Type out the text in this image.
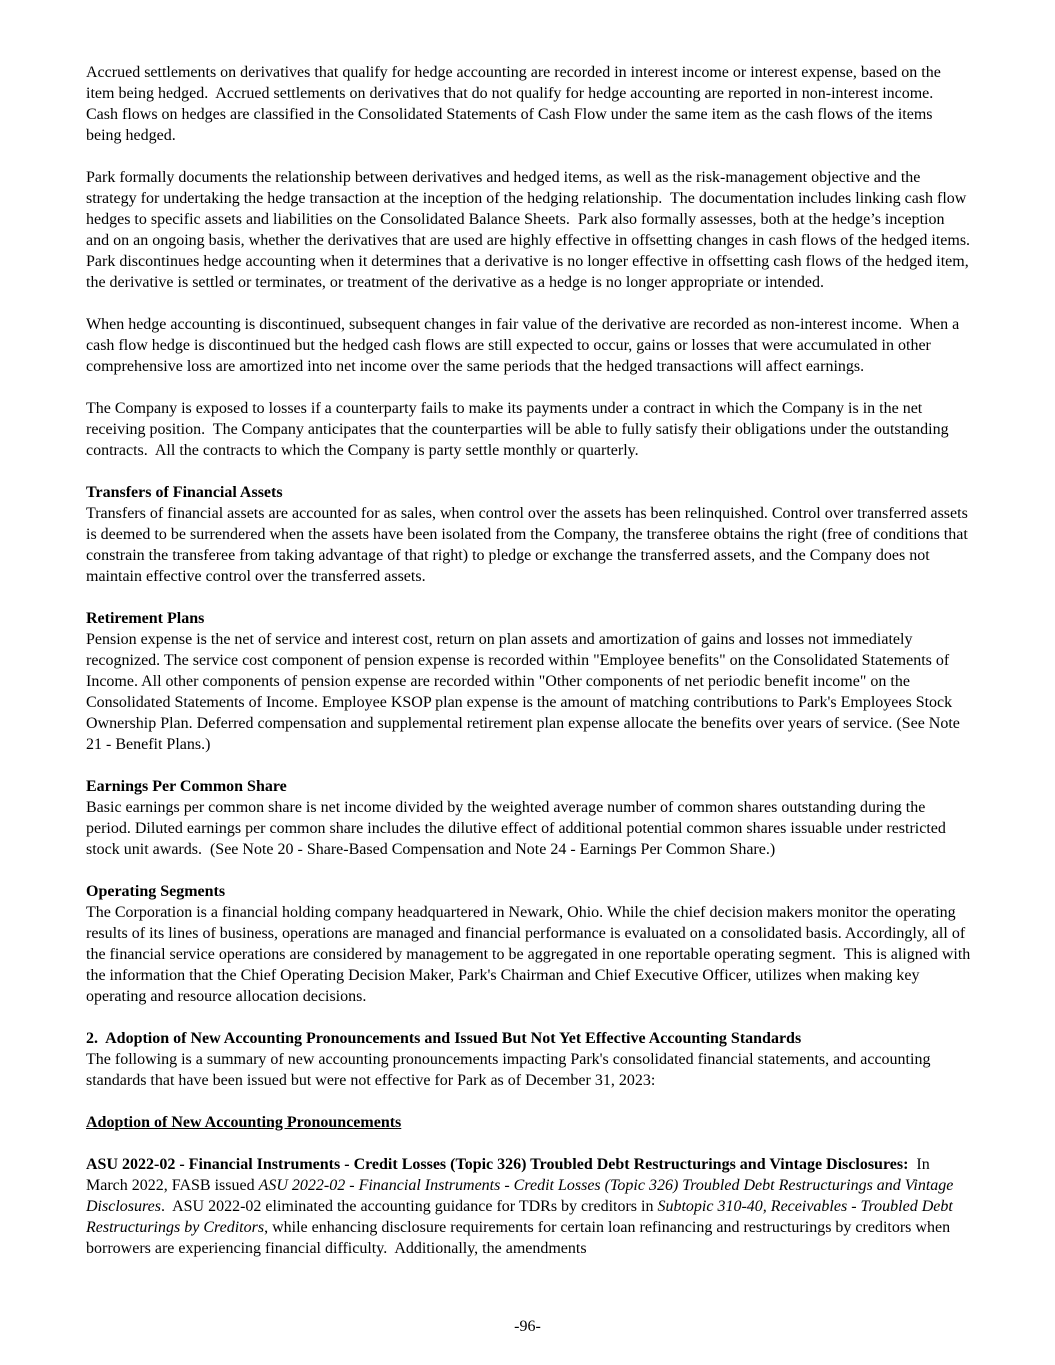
Accrued settlements on derivatives that qualify for hedge accounting are recorded in interest income or interest expense, based on the item being hedged.  Accrued settlements on derivatives that do not qualify for hedge accounting are reported in non-interest income.  Cash flows on hedges are classified in the Consolidated Statements of Cash Flow under the same item as the cash flows of the items being hedged.

Park formally documents the relationship between derivatives and hedged items, as well as the risk-management objective and the strategy for undertaking the hedge transaction at the inception of the hedging relationship.  The documentation includes linking cash flow hedges to specific assets and liabilities on the Consolidated Balance Sheets.  Park also formally assesses, both at the hedge’s inception and on an ongoing basis, whether the derivatives that are used are highly effective in offsetting changes in cash flows of the hedged items.  Park discontinues hedge accounting when it determines that a derivative is no longer effective in offsetting cash flows of the hedged item, the derivative is settled or terminates, or treatment of the derivative as a hedge is no longer appropriate or intended.

When hedge accounting is discontinued, subsequent changes in fair value of the derivative are recorded as non-interest income.  When a cash flow hedge is discontinued but the hedged cash flows are still expected to occur, gains or losses that were accumulated in other comprehensive loss are amortized into net income over the same periods that the hedged transactions will affect earnings.

The Company is exposed to losses if a counterparty fails to make its payments under a contract in which the Company is in the net receiving position.  The Company anticipates that the counterparties will be able to fully satisfy their obligations under the outstanding contracts.  All the contracts to which the Company is party settle monthly or quarterly.

Transfers of Financial Assets

Transfers of financial assets are accounted for as sales, when control over the assets has been relinquished. Control over transferred assets is deemed to be surrendered when the assets have been isolated from the Company, the transferee obtains the right (free of conditions that constrain the transferee from taking advantage of that right) to pledge or exchange the transferred assets, and the Company does not maintain effective control over the transferred assets.

Retirement Plans

Pension expense is the net of service and interest cost, return on plan assets and amortization of gains and losses not immediately recognized. The service cost component of pension expense is recorded within "Employee benefits" on the Consolidated Statements of Income. All other components of pension expense are recorded within "Other components of net periodic benefit income" on the Consolidated Statements of Income. Employee KSOP plan expense is the amount of matching contributions to Park's Employees Stock Ownership Plan. Deferred compensation and supplemental retirement plan expense allocate the benefits over years of service. (See Note 21 - Benefit Plans.)

Earnings Per Common Share

Basic earnings per common share is net income divided by the weighted average number of common shares outstanding during the period. Diluted earnings per common share includes the dilutive effect of additional potential common shares issuable under restricted stock unit awards.  (See Note 20 - Share-Based Compensation and Note 24 - Earnings Per Common Share.)

Operating Segments

The Corporation is a financial holding company headquartered in Newark, Ohio. While the chief decision makers monitor the operating results of its lines of business, operations are managed and financial performance is evaluated on a consolidated basis. Accordingly, all of the financial service operations are considered by management to be aggregated in one reportable operating segment.  This is aligned with the information that the Chief Operating Decision Maker, Park's Chairman and Chief Executive Officer, utilizes when making key operating and resource allocation decisions.

2.  Adoption of New Accounting Pronouncements and Issued But Not Yet Effective Accounting Standards

The following is a summary of new accounting pronouncements impacting Park's consolidated financial statements, and accounting standards that have been issued but were not effective for Park as of December 31, 2023:

Adoption of New Accounting Pronouncements

ASU 2022-02 - Financial Instruments - Credit Losses (Topic 326) Troubled Debt Restructurings and Vintage Disclosures:  In March 2022, FASB issued ASU 2022-02 - Financial Instruments - Credit Losses (Topic 326) Troubled Debt Restructurings and Vintage Disclosures.  ASU 2022-02 eliminated the accounting guidance for TDRs by creditors in Subtopic 310-40, Receivables - Troubled Debt Restructurings by Creditors, while enhancing disclosure requirements for certain loan refinancing and restructurings by creditors when borrowers are experiencing financial difficulty.  Additionally, the amendments

-96-
